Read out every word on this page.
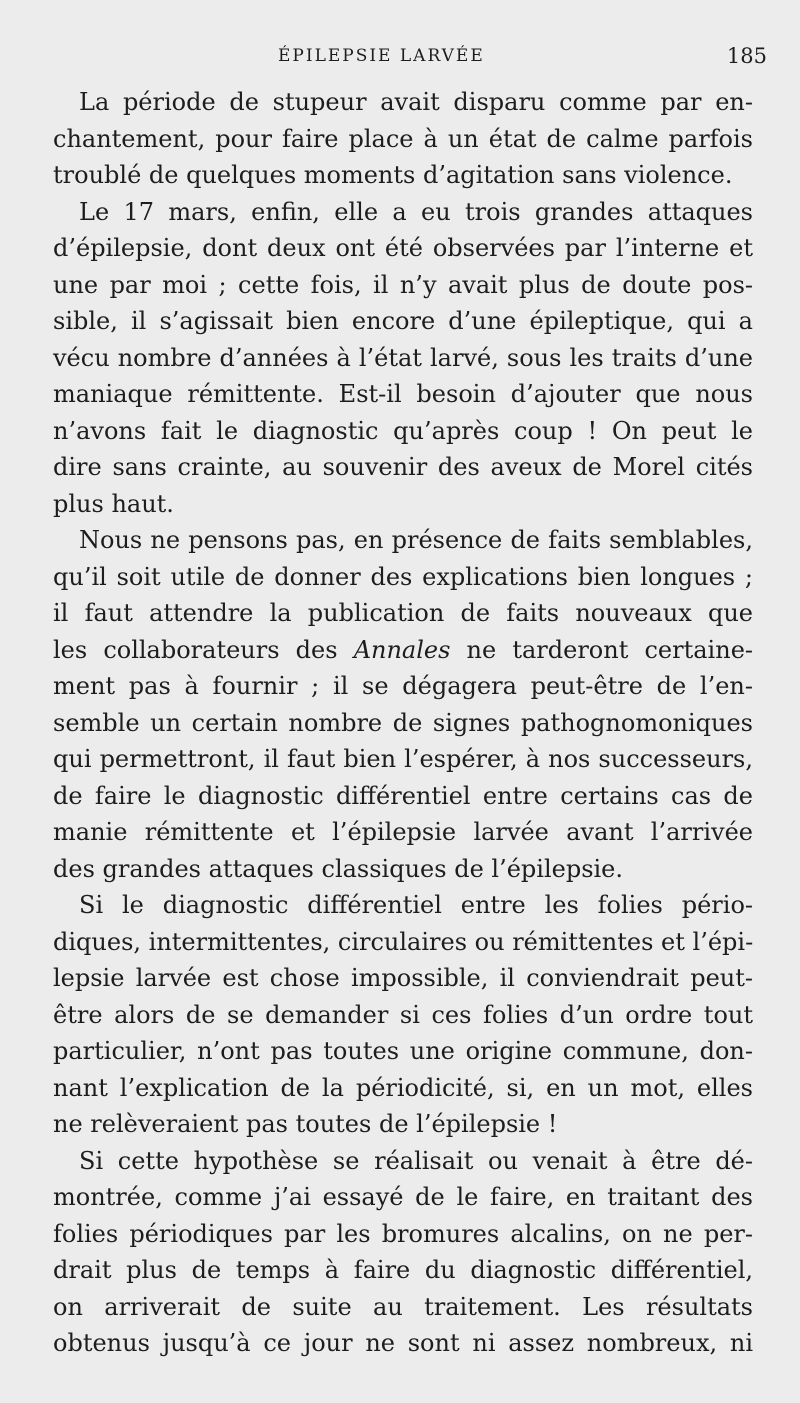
ÉPILEPSIE LARVÉE	185
La période de stupeur avait disparu comme par en-
chantement, pour faire place à un état de calme parfois
troublé de quelques moments d’agitation sans violence.
Le 17 mars, enfin, elle a eu trois grandes attaques
d’épilepsie, dont deux ont été observées par l’interne et
une par moi ; cette fois, il n’y avait plus de doute pos-
sible, il s’agissait bien encore d’une épileptique, qui a
vécu nombre d’années à l’état larvé, sous les traits d’une
maniaque rémittente. Est-il besoin d’ajouter que nous
n’avons fait le diagnostic qu’après coup ! On peut le
dire sans crainte, au souvenir des aveux de Morel cités
plus haut.
Nous ne pensons pas, en présence de faits semblables,
qu’il soit utile de donner des explications bien longues ;
il faut attendre la publication de faits nouveaux que
les collaborateurs des Annales ne tarderont certaine-
ment pas à fournir ; il se dégagera peut-être de l’en-
semble un certain nombre de signes pathognomoniques
qui permettront, il faut bien l’espérer, à nos successeurs,
de faire le diagnostic différentiel entre certains cas de
manie rémittente et l’épilepsie larvée avant l’arrivée
des grandes attaques classiques de l’épilepsie.
Si le diagnostic différentiel entre les folies pério-
diques, intermittentes, circulaires ou rémittentes et l’épi-
lepsie larvée est chose impossible, il conviendrait peut-
être alors de se demander si ces folies d’un ordre tout
particulier, n’ont pas toutes une origine commune, don-
nant l’explication de la périodicité, si, en un mot, elles
ne relèveraient pas toutes de l’épilepsie !
Si cette hypothèse se réalisait ou venait à être dé-
montrée, comme j’ai essayé de le faire, en traitant des
folies périodiques par les bromures alcalins, on ne per-
drait plus de temps à faire du diagnostic différentiel,
on arriverait de suite au traitement. Les résultats
obtenus jusqu’à ce jour ne sont ni assez nombreux, ni
